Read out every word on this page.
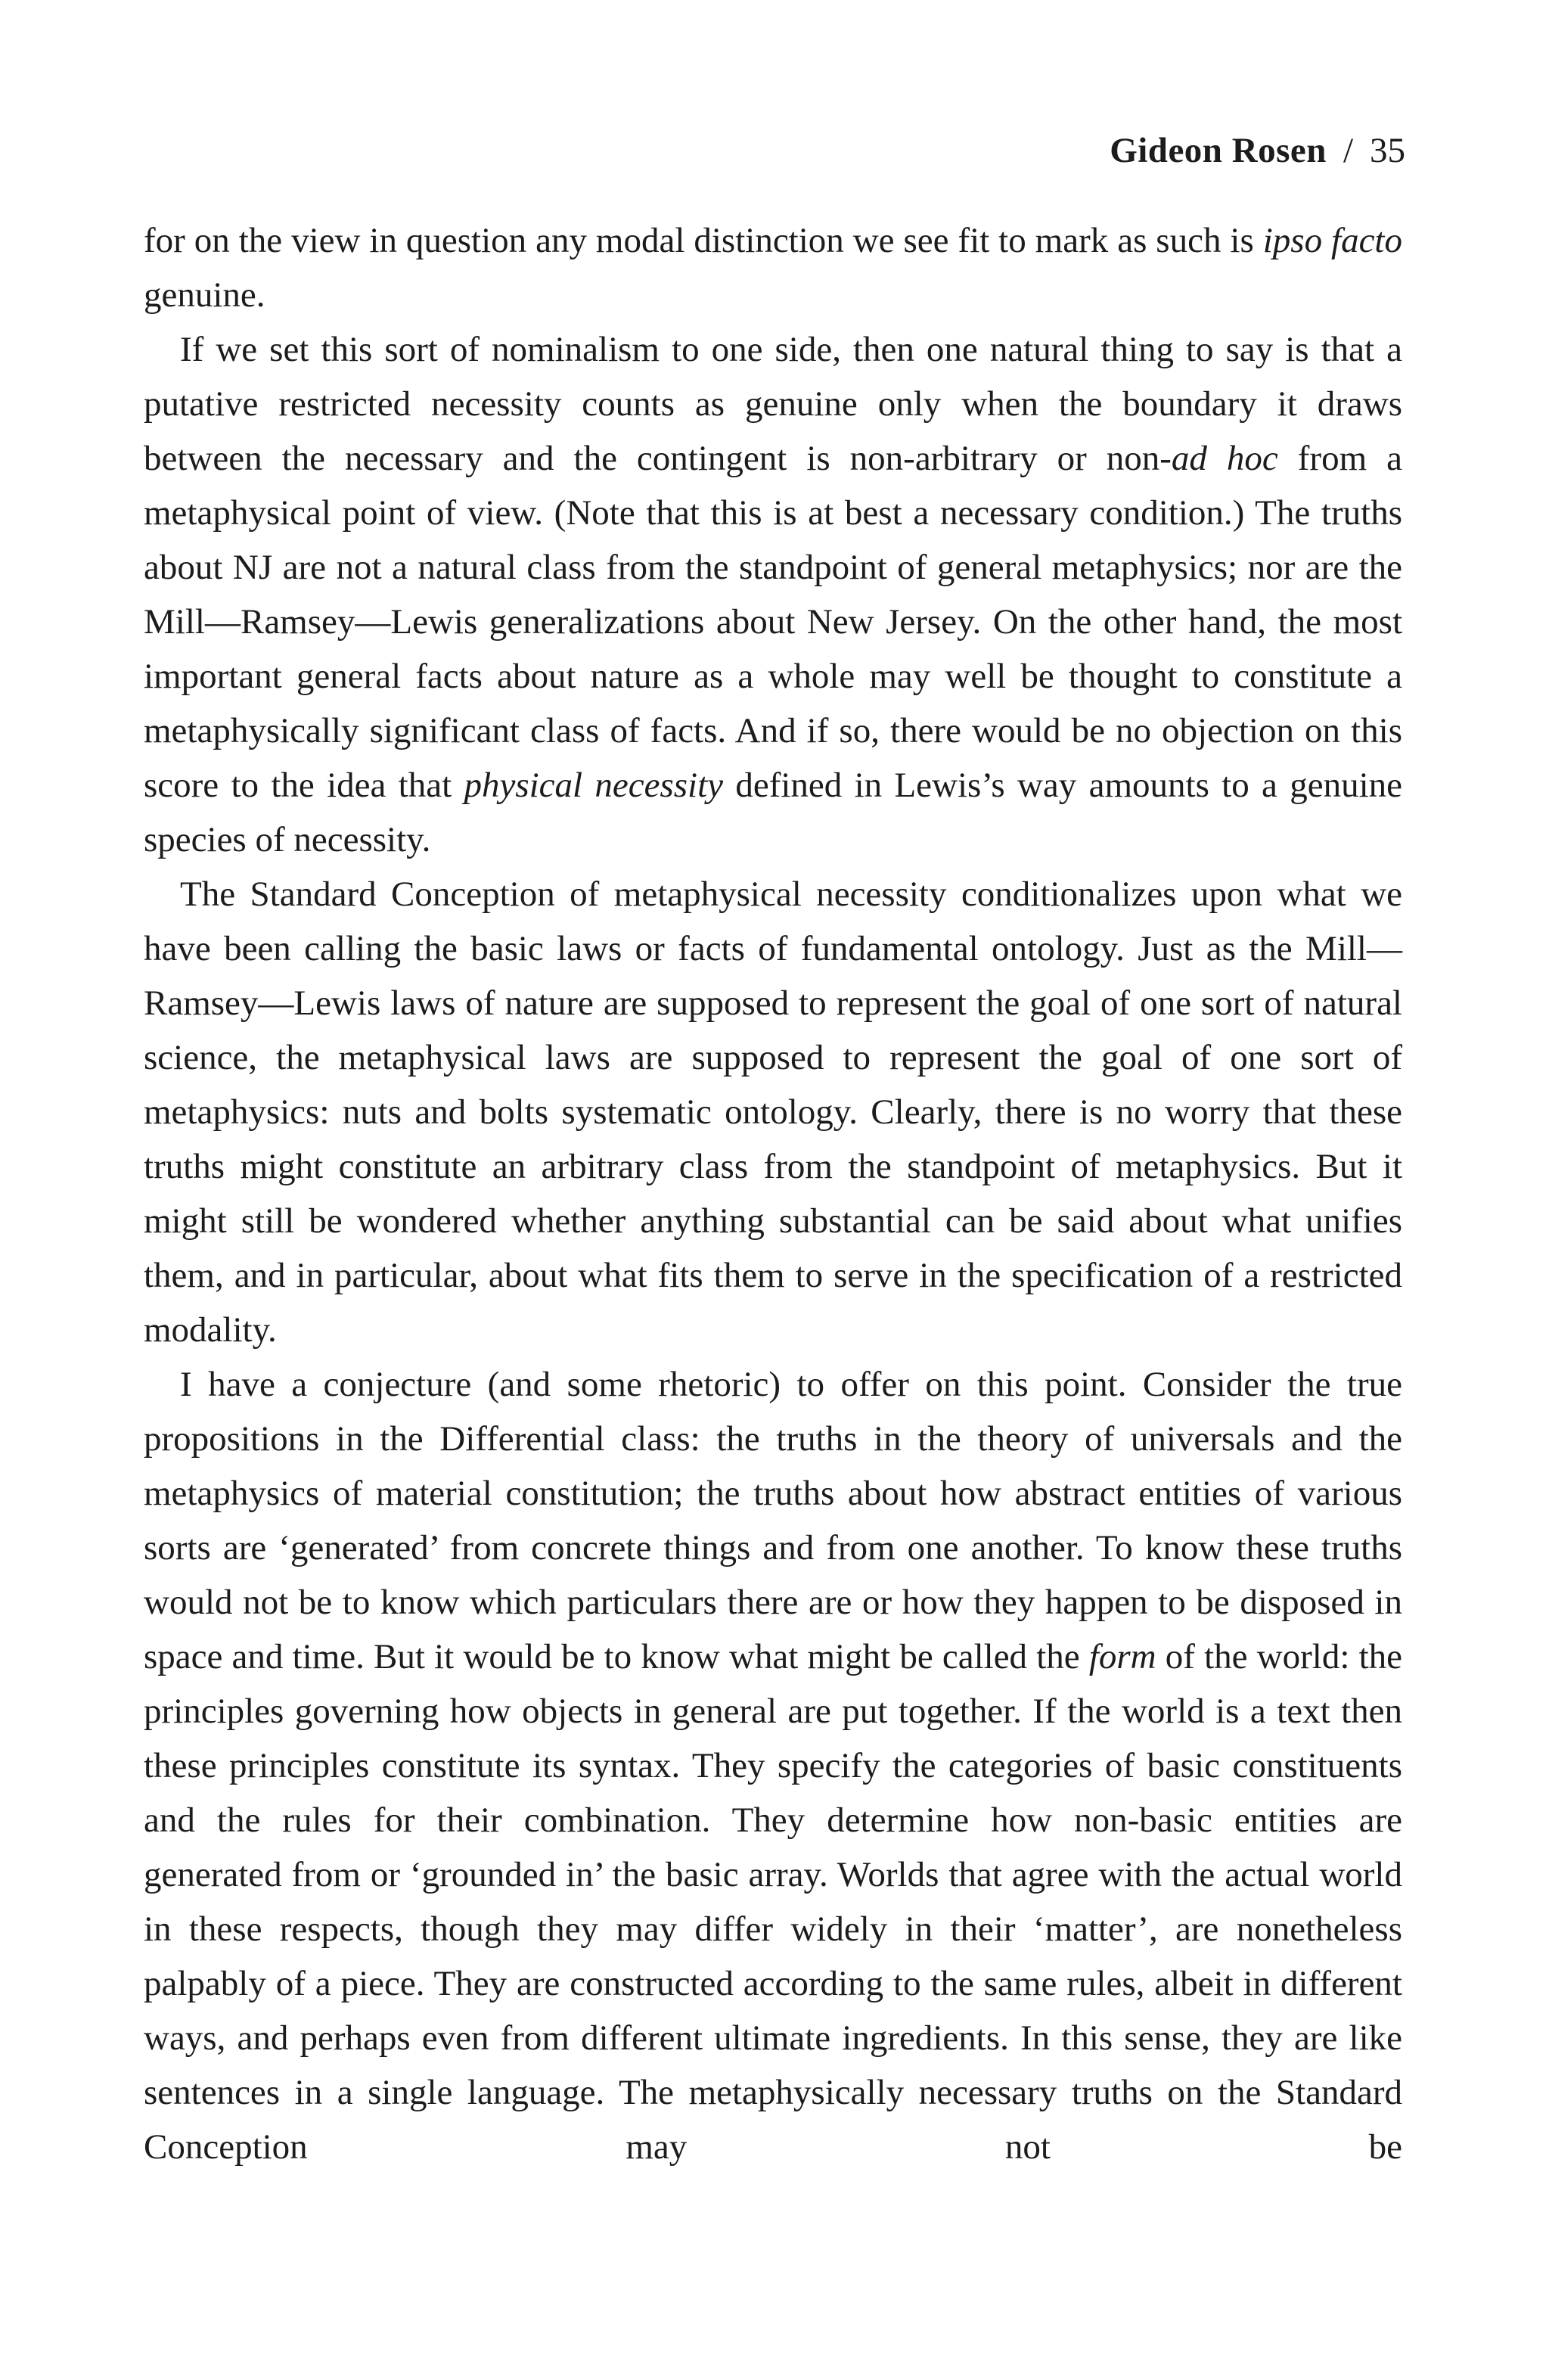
Gideon Rosen / 35

for on the view in question any modal distinction we see fit to mark as such is ipso facto genuine.

If we set this sort of nominalism to one side, then one natural thing to say is that a putative restricted necessity counts as genuine only when the boundary it draws between the necessary and the contingent is non-arbitrary or non-ad hoc from a metaphysical point of view. (Note that this is at best a necessary condition.) The truths about NJ are not a natural class from the standpoint of general metaphysics; nor are the Mill—Ramsey—Lewis generalizations about New Jersey. On the other hand, the most important general facts about nature as a whole may well be thought to constitute a metaphysically significant class of facts. And if so, there would be no objection on this score to the idea that physical necessity defined in Lewis’s way amounts to a genuine species of necessity.

The Standard Conception of metaphysical necessity conditionalizes upon what we have been calling the basic laws or facts of fundamental ontology. Just as the Mill—Ramsey—Lewis laws of nature are supposed to represent the goal of one sort of natural science, the metaphysical laws are supposed to represent the goal of one sort of metaphysics: nuts and bolts systematic ontology. Clearly, there is no worry that these truths might constitute an arbitrary class from the standpoint of metaphysics. But it might still be wondered whether anything substantial can be said about what unifies them, and in particular, about what fits them to serve in the specification of a restricted modality.

I have a conjecture (and some rhetoric) to offer on this point. Consider the true propositions in the Differential class: the truths in the theory of universals and the metaphysics of material constitution; the truths about how abstract entities of various sorts are ‘generated’ from concrete things and from one another. To know these truths would not be to know which particulars there are or how they happen to be disposed in space and time. But it would be to know what might be called the form of the world: the principles governing how objects in general are put together. If the world is a text then these principles constitute its syntax. They specify the categories of basic constituents and the rules for their combination. They determine how non-basic entities are generated from or ‘grounded in’ the basic array. Worlds that agree with the actual world in these respects, though they may differ widely in their ‘matter’, are nonetheless palpably of a piece. They are constructed according to the same rules, albeit in different ways, and perhaps even from different ultimate ingredients. In this sense, they are like sentences in a single language. The metaphysically necessary truths on the Standard Conception may not be
